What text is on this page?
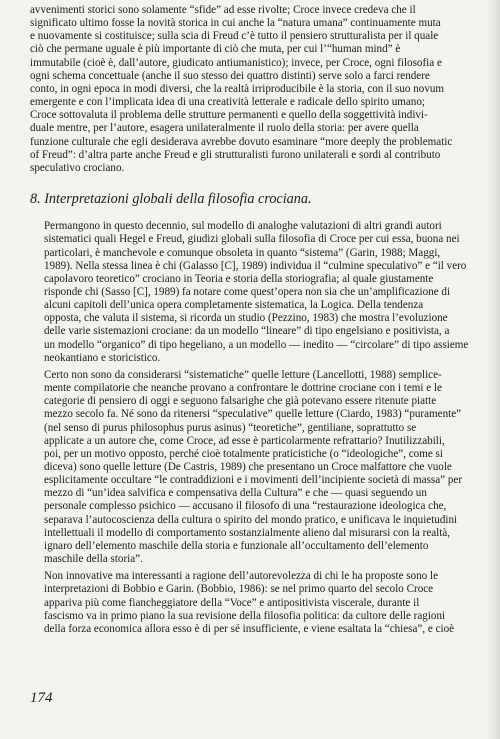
avvenimenti storici sono solamente “sfide” ad esse rivolte; Croce invece credeva che il
significato ultimo fosse la novità storica in cui anche la “natura umana” continuamente muta
e nuovamente si costituisce; sulla scia di Freud c’è tutto il pensiero strutturalista per il quale
ciò che permane uguale è più importante di ciò che muta, per cui l’“human mind” è
immutabile (cioè è, dall’autore, giudicato antiumanistico); invece, per Croce, ogni filosofia e
ogni schema concettuale (anche il suo stesso dei quattro distinti) serve solo a farci rendere
conto, in ogni epoca in modi diversi, che la realtà irriproducibile è la storia, con il suo novum
emergente e con l’implicata idea di una creatività letterale e radicale dello spirito umano;
Croce sottovaluta il problema delle strutture permanenti e quello della soggettività indivi-
duale mentre, per l’autore, esagera unilateralmente il ruolo della storia: per avere quella
funzione culturale che egli desiderava avrebbe dovuto esaminare “more deeply the problematic
of Freud”: d’altra parte anche Freud e gli strutturalisti furono unilaterali e sordi al contributo
speculativo crociano.
8. Interpretazioni globali della filosofia crociana.
Permangono in questo decennio, sul modello di analoghe valutazioni di altri grandi autori
sistematici quali Hegel e Freud, giudizi globali sulla filosofia di Croce per cui essa, buona nei
particolari, è manchevole e comunque obsoleta in quanto “sistema” (Garin, 1988; Maggi,
1989). Nella stessa linea è chi (Galasso [C], 1989) individua il “culmine speculativo” e “il vero
capolavoro teoretico” crociano in Teoria e storia della storiografia; al quale giustamente
risponde chi (Sasso [C], 1989) fa notare come quest’opera non sia che un’amplificazione di
alcuni capitoli dell’unica opera completamente sistematica, la Logica. Della tendenza
opposta, che valuta il sistema, si ricorda un studio (Pezzino, 1983) che mostra l’evoluzione
delle varie sistemazioni crociane: da un modello “lineare” di tipo engelsiano e positivista, a
un modello “organico” di tipo hegeliano, a un modello — inedito — “circolare” di tipo assieme
neokantiano e storicistico.
Certo non sono da considerarsi “sistematiche” quelle letture (Lancellotti, 1988) semplice-
mente compilatorie che neanche provano a confrontare le dottrine crociane con i temi e le
categorie di pensiero di oggi e seguono falsarighe che già potevano essere ritenute piatte
mezzo secolo fa. Né sono da ritenersi “speculative” quelle letture (Ciardo, 1983) “puramente”
(nel senso di purus philosophus purus asinus) “teoretiche”, gentiliane, soprattutto se
applicate a un autore che, come Croce, ad esse è particolarmente refrattario? Inutilizzabili,
poi, per un motivo opposto, perché cioè totalmente praticistiche (o “ideologiche”, come si
diceva) sono quelle letture (De Castris, 1989) che presentano un Croce malfattore che vuole
esplicitamente occultare “le contraddizioni e i movimenti dell’incipiente società di massa” per
mezzo di “un’idea salvifica e compensativa della Cultura” e che — quasi seguendo un
personale complesso psichico — accusano il filosofo di una “restaurazione ideologica che,
separava l’autocoscienza della cultura o spirito del mondo pratico, e unificava le inquietudini
intellettuali il modello di comportamento sostanzialmente alieno dal misurarsi con la realtà,
ignaro dell’elemento maschile della storia e funzionale all’occultamento dell’elemento
maschile della storia”.
Non innovative ma interessanti a ragione dell’autorevolezza di chi le ha proposte sono le
interpretazioni di Bobbio e Garin. (Bobbio, 1986): se nel primo quarto del secolo Croce
appariva più come fiancheggiatore della “Voce” e antipositivista viscerale, durante il
fascismo va in primo piano la sua revisione della filosofia politica: da cultore delle ragioni
della forza economica allora esso è di per sé insufficiente, e viene esaltata la “chiesa”, e cioè
174
